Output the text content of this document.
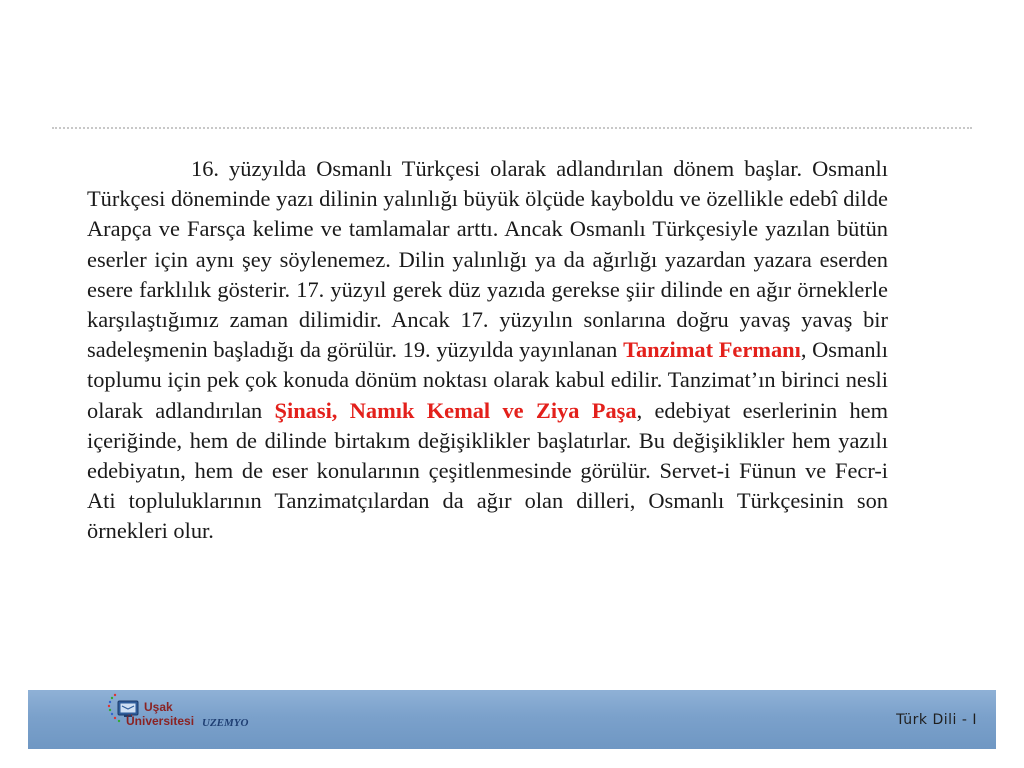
16. yüzyılda Osmanlı Türkçesi olarak adlandırılan dönem başlar. Osmanlı Türkçesi döneminde yazı dilinin yalınlığı büyük ölçüde kayboldu ve özellikle edebî dilde Arapça ve Farsça kelime ve tamlamalar arttı. Ancak Osmanlı Türkçesiyle yazılan bütün eserler için aynı şey söylenemez. Dilin yalınlığı ya da ağırlığı yazardan yazara eserden esere farklılık gösterir. 17. yüzyıl gerek düz yazıda gerekse şiir dilinde en ağır örneklerle karşılaştığımız zaman dilimidir. Ancak 17. yüzyılın sonlarına doğru yavaş yavaş bir sadeleşmenin başladığı da görülür. 19. yüzyılda yayınlanan Tanzimat Fermanı, Osmanlı toplumu için pek çok konuda dönüm noktası olarak kabul edilir. Tanzimat’ın birinci nesli olarak adlandırılan Şinasi, Namık Kemal ve Ziya Paşa, edebiyat eserlerinin hem içeriğinde, hem de dilinde birtakım değişiklikler başlatırlar. Bu değişiklikler hem yazılı edebiyatın, hem de eser konularının çeşitlenmesinde görülür. Servet-i Fünun ve Fecr-i Ati topluluklarının Tanzimatçılardan da ağır olan dilleri, Osmanlı Türkçesinin son örnekleri olur.

Uşak
Üniversitesi UZEMYO	Türk Dili - I
